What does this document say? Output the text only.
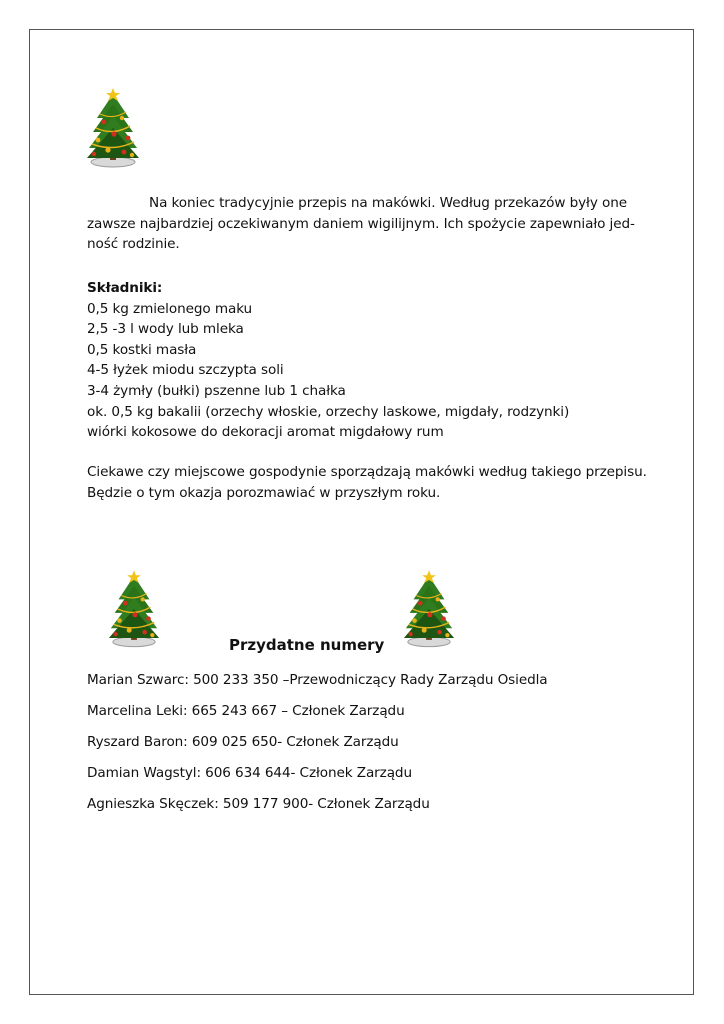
Na koniec tradycyjnie przepis na makówki. Według przekazów były one
zawsze najbardziej oczekiwanym daniem wigilijnym. Ich spożycie zapewniało jed-
ność rodzinie.
Składniki:
0,5 kg zmielonego maku
2,5 -3 l wody lub mleka
0,5 kostki masła
4-5 łyżek miodu szczypta soli
3-4 żymły (bułki) pszenne lub 1 chałka
ok. 0,5 kg bakalii (orzechy włoskie, orzechy laskowe, migdały, rodzynki)
wiórki kokosowe do dekoracji aromat migdałowy rum
Ciekawe czy miejscowe gospodynie sporządzają makówki według takiego przepisu.
Będzie o tym okazja porozmawiać w przyszłym roku.
Przydatne numery
Marian Szwarc: 500 233 350 –Przewodniczący Rady Zarządu Osiedla
Marcelina Leki: 665 243 667 – Członek Zarządu
Ryszard Baron: 609 025 650- Członek Zarządu
Damian Wagstyl: 606 634 644- Członek Zarządu
Agnieszka Skęczek: 509 177 900- Członek Zarządu
